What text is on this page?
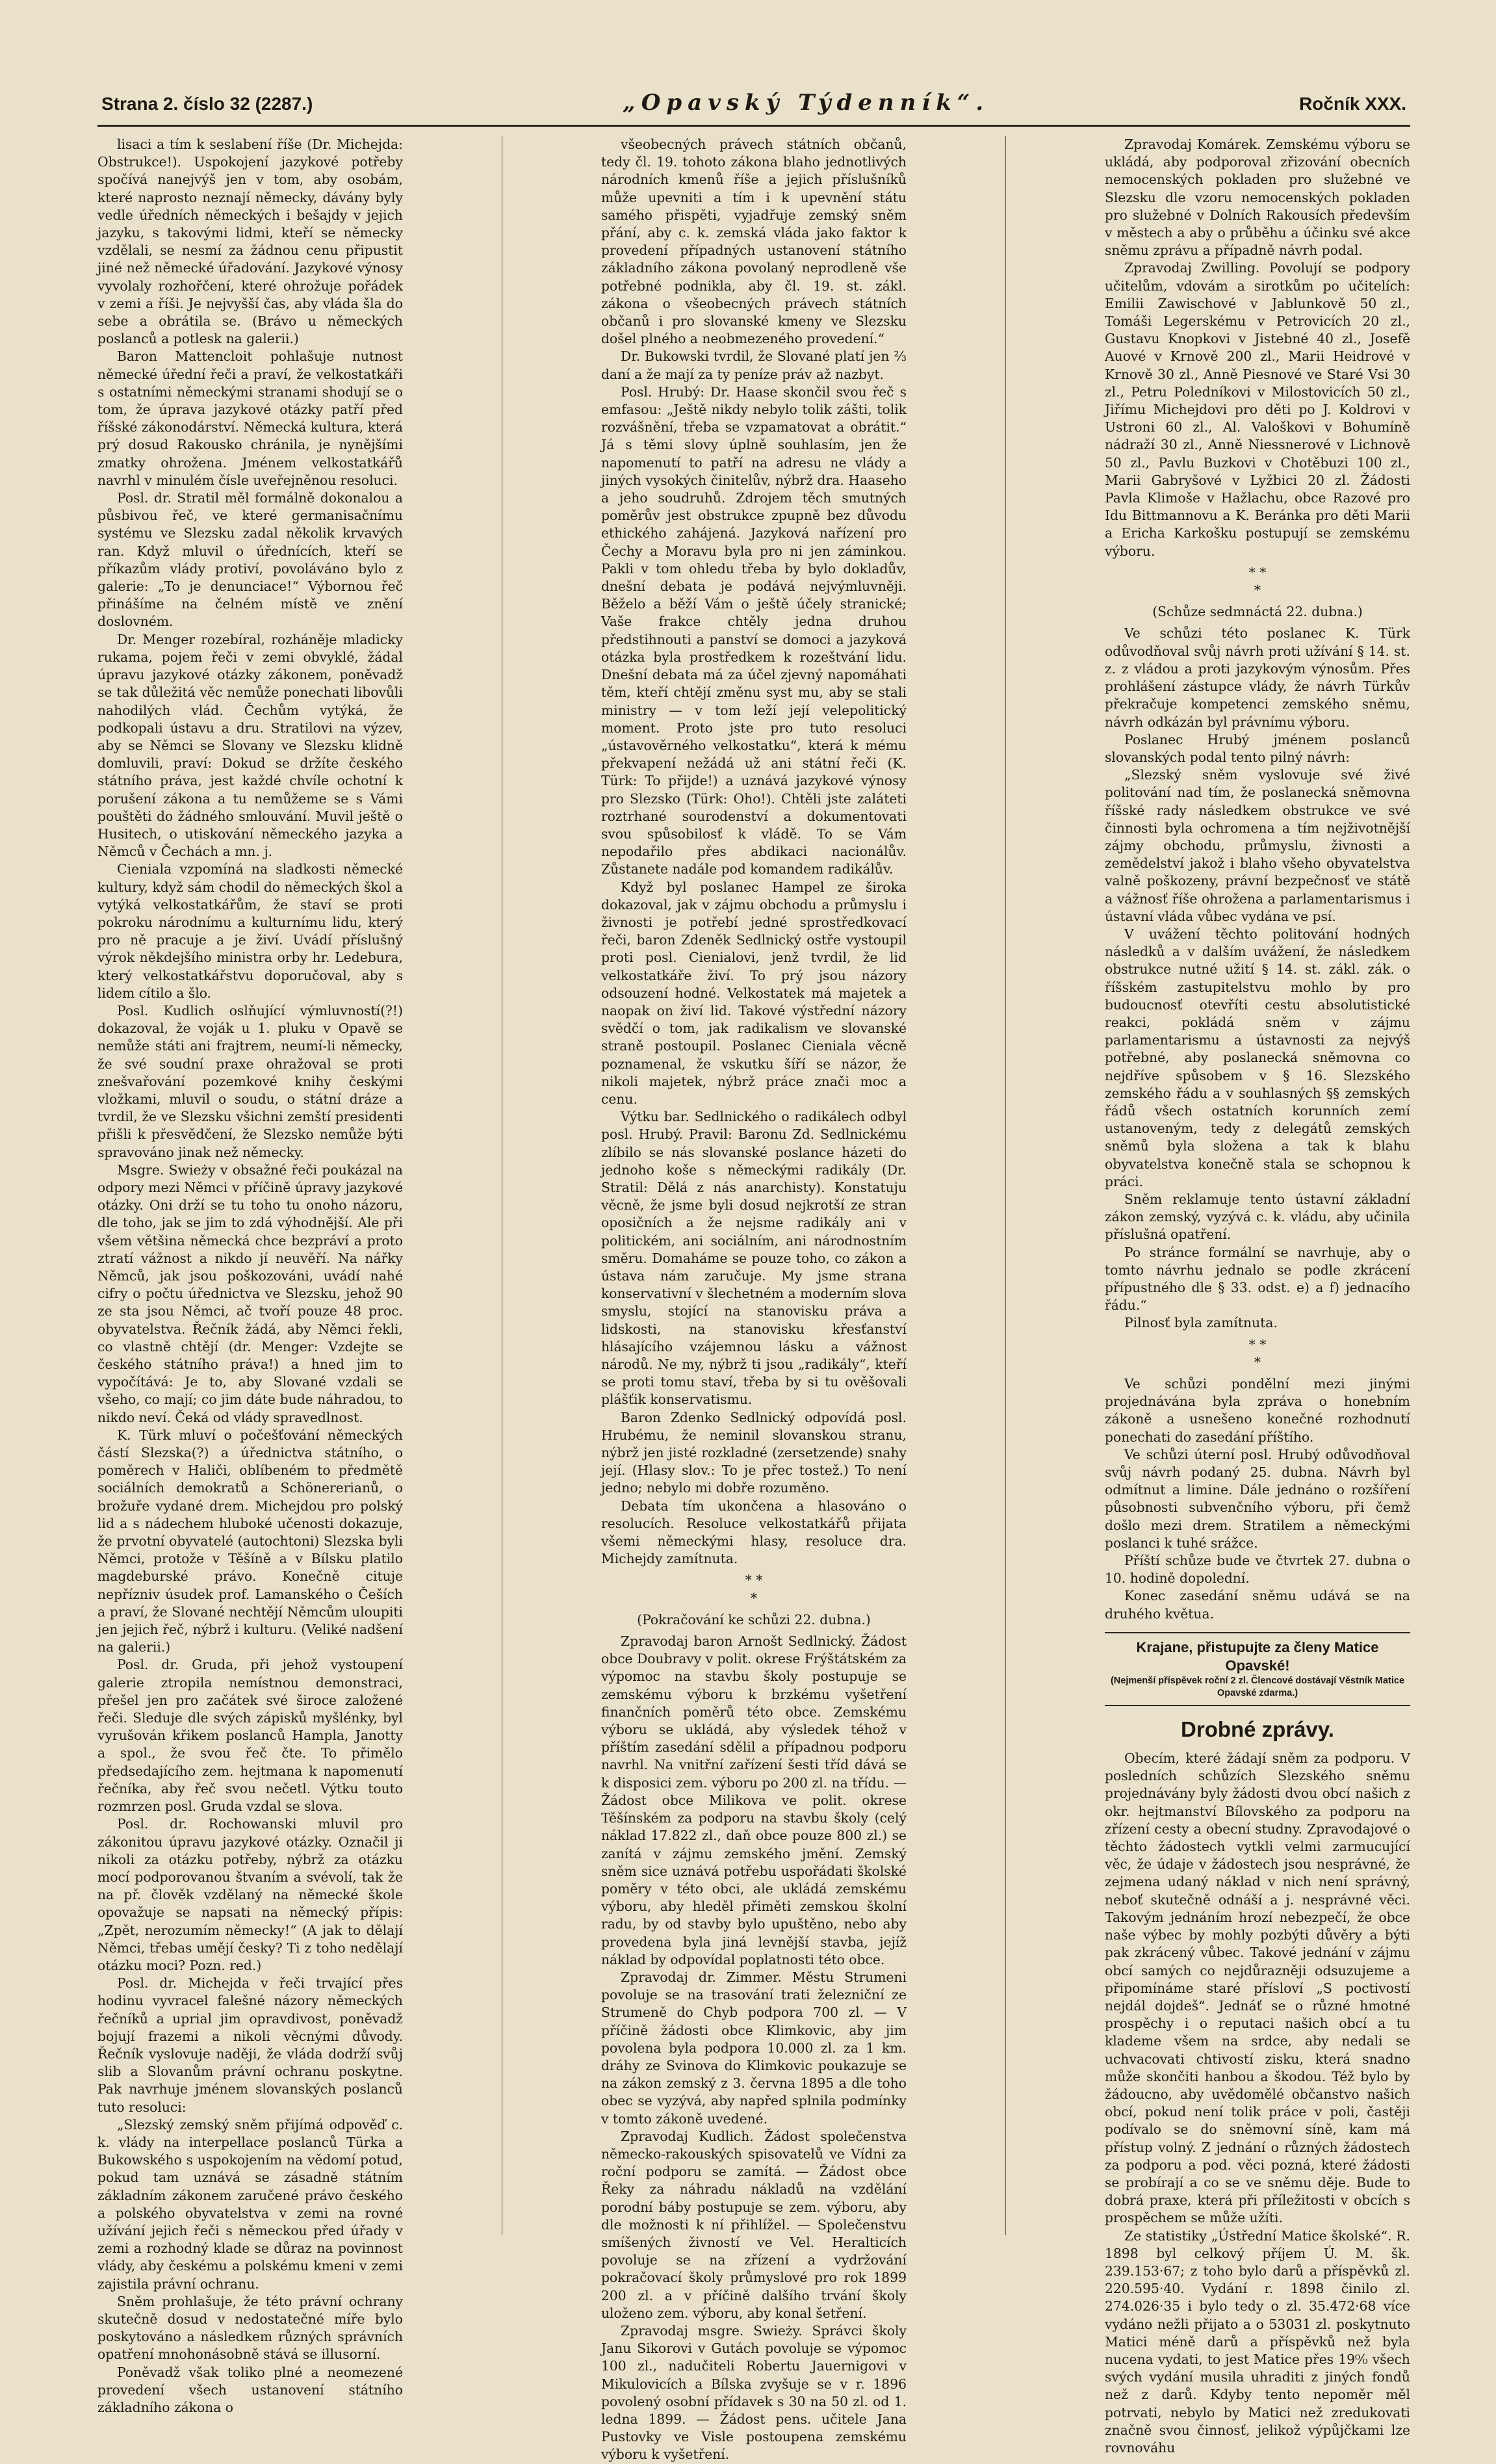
Strana 2. číslo 32 (2287.)	„Opavský Týdenník“.	Ročník XXX.

lisaci a tím k seslabení říše (Dr. Michejda: Obstrukce!). Uspokojení jazykové potřeby spočívá nanejvýš jen v tom, aby osobám, které naprosto neznají německy, dávány byly vedle úředních německých i bešajdy v jejich jazyku, s takovými lidmi, kteří se německy vzdělali, se nesmí za žádnou cenu připustit jiné než německé úřadování. Jazykové výnosy vyvolaly rozhořčení, které ohrožuje pořádek v zemi a říši. Je nejvyšší čas, aby vláda šla do sebe a obrátila se. (Brávo u německých poslanců a potlesk na galerii.)

Baron Mattencloit pohlašuje nutnost německé úřední řeči a praví, že velkostatkáři s ostatními německými stranami shodují se o tom, že úprava jazykové otázky patří před říšské zákonodárství. Německá kultura, která prý dosud Rakousko chránila, je nynějšími zmatky ohrožena. Jménem velkostatkářů navrhl v minulém čísle uveřejněnou resoluci.

Posl. dr. Stratil měl formálně dokonalou a půsbivou řeč, ve které germanisačnímu systému ve Slezsku zadal několik krvavých ran. Když mluvil o úřednících, kteří se příkazům vlády protiví, povoláváno bylo z galerie: „To je denunciace!“ Výbornou řeč přinášíme na čelném místě ve znění doslovném.

Dr. Menger rozebíral, rozháněje mladicky rukama, pojem řeči v zemi obvyklé, žádal úpravu jazykové otázky zákonem, poněvadž se tak důležitá věc nemůže ponechati libovůli nahodilých vlád. Čechům vytýká, že podkopali ústavu a dru. Stratilovi na výzev, aby se Němci se Slovany ve Slezsku klidně domluvili, praví: Dokud se držíte českého státního práva, jest každé chvíle ochotní k porušení zákona a tu nemůžeme se s Vámi pouštěti do žádného smlouvání. Muvil ještě o Husitech, o utiskování německého jazyka a Němců v Čechách a mn. j.

Cieniala vzpomíná na sladkosti německé kultury, když sám chodil do německých škol a vytýká velkostatkářům, že staví se proti pokroku národnímu a kulturnímu lidu, který pro ně pracuje a je živí. Uvádí příslušný výrok někdejšího ministra orby hr. Ledebura, který velkostatkářstvu doporučoval, aby s lidem cítilo a šlo.

Posl. Kudlich oslňující výmluvností(?!) dokazoval, že voják u 1. pluku v Opavě se nemůže státi ani frajtrem, neumí-li německy, že své soudní praxe ohražoval se proti znešvařování pozemkové knihy českými vložkami, mluvil o soudu, o státní dráze a tvrdil, že ve Slezsku všichni zemští presidenti přišli k přesvědčení, že Slezsko nemůže býti spravováno jinak než německy.

Msgre. Swieży v obsažné řeči poukázal na odpory mezi Němci v příčině úpravy jazykové otázky. Oni drží se tu toho tu onoho názoru, dle toho, jak se jim to zdá výhodnější. Ale při všem většina německá chce bezpráví a proto ztratí vážnost a nikdo jí neuvěří. Na nářky Němců, jak jsou poškozováni, uvádí nahé cifry o počtu úřednictva ve Slezsku, jehož 90 ze sta jsou Němci, ač tvoří pouze 48 proc. obyvatelstva. Řečník žádá, aby Němci řekli, co vlastně chtějí (dr. Menger: Vzdejte se českého státního práva!) a hned jim to vypočítává: Je to, aby Slované vzdali se všeho, co mají; co jim dáte bude náhradou, to nikdo neví. Čeká od vlády spravedlnost.

K. Türk mluví o počešťování německých částí Slezska(?) a úřednictva státního, o poměrech v Haliči, oblíbeném to předmětě sociálních demokratů a Schönererianů, o brožuře vydané drem. Michejdou pro polský lid a s nádechem hluboké učenosti dokazuje, že prvotní obyvatelé (autochtoni) Slezska byli Němci, protože v Těšíně a v Bílsku platilo magdeburské právo. Konečně cituje nepřízniv úsudek prof. Lamanského o Češích a praví, že Slované nechtějí Němcům uloupiti jen jejich řeč, nýbrž i kulturu. (Veliké nadšení na galerii.)

Posl. dr. Gruda, při jehož vystoupení galerie ztropila nemístnou demonstraci, přešel jen pro začátek své široce založené řeči. Sleduje dle svých zápisků myšlénky, byl vyrušován křikem poslanců Hampla, Janotty a spol., že svou řeč čte. To přimělo předsedajícího zem. hejtmana k napomenutí řečníka, aby řeč svou nečetl. Výtku touto rozmrzen posl. Gruda vzdal se slova.

Posl. dr. Rochowanski mluvil pro zákonitou úpravu jazykové otázky. Označil ji nikoli za otázku potřeby, nýbrž za otázku mocí podporovanou štvaním a svévolí, tak že na př. člověk vzdělaný na německé škole opovažuje se napsati na německý přípis: „Zpět, nerozumím německy!“ (A jak to dělají Němci, třebas umějí česky? Ti z toho nedělají otázku moci? Pozn. red.)

Posl. dr. Michejda v řeči trvající přes hodinu vyvracel falešné názory německých řečníků a uprial jim opravdivost, poněvadž bojují frazemi a nikoli věcnými důvody. Řečník vyslovuje naději, že vláda dodrží svůj slib a Slovanům právní ochranu poskytne. Pak navrhuje jménem slovanských poslanců tuto resoluci:

„Slezský zemský sněm přijímá odpověď c. k. vlády na interpellace poslanců Türka a Bukowského s uspokojením na vědomí potud, pokud tam uznává se zásadně státním základním zákonem zaručené právo českého a polského obyvatelstva v zemi na rovné užívání jejich řeči s německou před úřady v zemi a rozhodný klade se důraz na povinnost vlády, aby českému a polskému kmeni v zemi zajistila právní ochranu.

Sněm prohlašuje, že této právní ochrany skutečně dosud v nedostatečné míře bylo poskytováno a následkem různých správních opatření mnohonásobně stává se illusorní.

Poněvadž však toliko plné a neomezené provedení všech ustanovení státního základního zákona o

všeobecných právech státních občanů, tedy čl. 19. tohoto zákona blaho jednotlivých národních kmenů říše a jejich příslušníků může upevniti a tím i k upevnění státu samého přispěti, vyjadřuje zemský sněm přání, aby c. k. zemská vláda jako faktor k provedení případných ustanovení státního základního zákona povolaný neprodleně vše potřebné podnikla, aby čl. 19. st. zákl. zákona o všeobecných právech státních občanů i pro slovanské kmeny ve Slezsku došel plného a neobmezeného provedení.“

Dr. Bukowski tvrdil, že Slované platí jen ⅔ daní a že mají za ty peníze práv až nazbyt.

Posl. Hrubý: Dr. Haase skončil svou řeč s emfasou: „Ještě nikdy nebylo tolik zášti, tolik rozvášnění, třeba se vzpamatovat a obrátit.“ Já s těmi slovy úplně souhlasím, jen že napomenutí to patří na adresu ne vlády a jiných vysokých činitelův, nýbrž dra. Haaseho a jeho soudruhů. Zdrojem těch smutných poměrův jest obstrukce zpupně bez důvodu ethického zahájená. Jazyková nařízení pro Čechy a Moravu byla pro ni jen záminkou. Pakli v tom ohledu třeba by bylo dokladův, dnešní debata je podává nejvýmluvněji. Běželo a běží Vám o ještě účely stranické; Vaše frakce chtěly jedna druhou předstihnouti a panství se domoci a jazyková otázka byla prostředkem k rozeštvání lidu. Dnešní debata má za účel zjevný napomáhati těm, kteří chtějí změnu syst mu, aby se stali ministry — v tom leží její velepolitický moment. Proto jste pro tuto resoluci „ústavověrného velkostatku“, která k mému překvapení nežádá už ani státní řeči (K. Türk: To přijde!) a uznává jazykové výnosy pro Slezsko (Türk: Oho!). Chtěli jste zaláteti roztrhané sourodenství a dokumentovati svou spůsobilosť k vládě. To se Vám nepodařilo přes abdikaci nacionálův. Zůstanete nadále pod komandem radikálův.

Když byl poslanec Hampel ze široka dokazoval, jak v zájmu obchodu a průmyslu i živnosti je potřebí jedné sprostředkovací řeči, baron Zdeněk Sedlnický ostře vystoupil proti posl. Cienialovi, jenž tvrdil, že lid velkostatkáře živí. To prý jsou názory odsouzení hodné. Velkostatek má majetek a naopak on živí lid. Takové výstřední názory svědčí o tom, jak radikalism ve slovanské straně postoupil. Poslanec Cieniala věcně poznamenal, že vskutku šíří se názor, že nikoli majetek, nýbrž práce znači moc a cenu.

Výtku bar. Sedlnického o radikálech odbyl posl. Hrubý. Pravil: Baronu Zd. Sedlnickému zlíbilo se nás slovanské poslance házeti do jednoho koše s německými radikály (Dr. Stratil: Dělá z nás anarchisty). Konstatuju věcně, že jsme byli dosud nejkrotší ze stran oposičních a že nejsme radikály ani v politickém, ani sociálním, ani národnostním směru. Domaháme se pouze toho, co zákon a ústava nám zaručuje. My jsme strana konservativní v šlechetném a moderním slova smyslu, stojící na stanovisku práva a lidskosti, na stanovisku křesťanství hlásajícího vzájemnou lásku a vážnost národů. Ne my, nýbrž ti jsou „radikály“, kteří se proti tomu staví, třeba by si tu ověšovali plášťik konservatismu.

Baron Zdenko Sedlnický odpovídá posl. Hrubému, že neminil slovanskou stranu, nýbrž jen jisté rozkladné (zersetzende) snahy její. (Hlasy slov.: To je přec tostež.) To není jedno; nebylo mi dobře rozuměno.

Debata tím ukončena a hlasováno o resolucích. Resoluce velkostatkářů přijata všemi německými hlasy, resoluce dra. Michejdy zamítnuta.

* *
*

(Pokračování ke schůzi 22. dubna.)

Zpravodaj baron Arnošt Sedlnický. Žádost obce Doubravy v polit. okrese Frýštátském za výpomoc na stavbu školy postupuje se zemskému výboru k brzkému vyšetření finančních poměrů této obce. Zemskému výboru se ukládá, aby výsledek téhož v příštím zasedání sdělil a případnou podporu navrhl. Na vnitřní zařízení šesti tříd dává se k disposici zem. výboru po 200 zl. na třídu. — Žádost obce Milikova ve polit. okrese Těšínském za podporu na stavbu školy (celý náklad 17.822 zl., daň obce pouze 800 zl.) se zanítá v zájmu zemského jmění. Zemský sněm sice uznává potřebu uspořádati školské poměry v této obci, ale ukládá zemskému výboru, aby hleděl přiměti zemskou školní radu, by od stavby bylo upuštěno, nebo aby provedena byla jiná levnější stavba, jejíž náklad by odpovídal poplatnosti této obce.

Zpravodaj dr. Zimmer. Městu Strumeni povoluje se na trasování trati železniční ze Strumeně do Chyb podpora 700 zl. — V příčině žádosti obce Klimkovic, aby jim povolena byla podpora 10.000 zl. za 1 km. dráhy ze Svinova do Klimkovic poukazuje se na zákon zemský z 3. června 1895 a dle toho obec se vyzývá, aby napřed splnila podmínky v tomto zákoně uvedené.

Zpravodaj Kudlich. Žádost společenstva německo-rakouských spisovatelů ve Vídni za roční podporu se zamítá. — Žádost obce Řeky za náhradu nákladů na vzdělání porodní báby postupuje se zem. výboru, aby dle možnosti k ní přihlížel. — Společenstvu smíšených živností ve Vel. Heralticích povoluje se na zřízení a vydržování pokračovací školy průmyslové pro rok 1899 200 zl. a v příčině dalšího trvání školy uloženo zem. výboru, aby konal šetření.

Zpravodaj msgre. Swieży. Správci školy Janu Sikorovi v Gutách povoluje se výpomoc 100 zl., nadučiteli Robertu Jauernigovi v Mikulovicích a Bílska zvyšuje se v r. 1896 povolený osobní přídavek s 30 na 50 zl. od 1. ledna 1899. — Žádost pens. učitele Jana Pustovky ve Visle postoupena zemskému výboru k vyšetření.

Zpravodaj Komárek. Zemskému výboru se ukládá, aby podporoval zřizování obecních nemocenských pokladen pro služebné ve Slezsku dle vzoru nemocenských pokladen pro služebné v Dolních Rakousích především v městech a aby o průběhu a účinku své akce sněmu zprávu a případně návrh podal.

Zpravodaj Zwilling. Povolují se podpory učitelům, vdovám a sirotkům po učitelích: Emilii Zawischové v Jablunkově 50 zl., Tomáši Legerskému v Petrovicích 20 zl., Gustavu Knopkovi v Jistebné 40 zl., Josefě Auové v Krnově 200 zl., Marii Heidrové v Krnově 30 zl., Anně Piesnové ve Staré Vsi 30 zl., Petru Poledníkovi v Milostovicích 50 zl., Jiřímu Michejdovi pro děti po J. Koldrovi v Ustroni 60 zl., Al. Valoškovi v Bohumíně nádraží 30 zl., Anně Niessnerové v Lichnově 50 zl., Pavlu Buzkovi v Chotěbuzi 100 zl., Marii Gabryšové v Lyžbici 20 zl. Žádosti Pavla Klimoše v Hažlachu, obce Razové pro Idu Bittmannovu a K. Beránka pro děti Marii a Ericha Karkošku postupují se zemskému výboru.

* *
*

(Schůze sedmnáctá 22. dubna.)

Ve schůzi této poslanec K. Türk odůvodňoval svůj návrh proti užívání § 14. st. z. z vládou a proti jazykovým výnosům. Přes prohlášení zástupce vlády, že návrh Türkův překračuje kompetenci zemského sněmu, návrh odkázán byl právnímu výboru.

Poslanec Hrubý jménem poslanců slovanských podal tento pilný návrh:

„Slezský sněm vyslovuje své živé politování nad tím, že poslanecká sněmovna říšské rady následkem obstrukce ve své činnosti byla ochromena a tím nejživotnější zájmy obchodu, průmyslu, živnosti a zemědelství jakož i blaho všeho obyvatelstva valně poškozeny, právní bezpečnosť ve státě a vážnosť říše ohrožena a parlamentarismus i ústavní vláda vůbec vydána ve psí.

V uvážení těchto politování hodných následků a v dalším uvážení, že následkem obstrukce nutné užití § 14. st. zákl. zák. o říšském zastupitelstvu mohlo by pro budoucnosť otevříti cestu absolutistické reakci, pokládá sněm v zájmu parlamentarismu a ústavnosti za nejvýš potřebné, aby poslanecká sněmovna co nejdříve spůsobem v § 16. Slezského zemského řádu a v souhlasných §§ zemských řádů všech ostatních korunních zemí ustanoveným, tedy z delegátů zemských sněmů byla složena a tak k blahu obyvatelstva konečně stala se schopnou k práci.

Sněm reklamuje tento ústavní základní zákon zemský, vyzývá c. k. vládu, aby učinila příslušná opatření.

Po stránce formální se navrhuje, aby o tomto návrhu jednalo se podle zkrácení přípustného dle § 33. odst. e) a f) jednacího řádu.“

Pilnosť byla zamítnuta.

* *
*

Ve schůzi pondělní mezi jinými projednávána byla zpráva o honebním zákoně a usnešeno konečné rozhodnutí ponechati do zasedání příštího.

Ve schůzi úterní posl. Hrubý odůvodňoval svůj návrh podaný 25. dubna. Návrh byl odmítnut a limine. Dále jednáno o rozšíření působnosti subvenčního výboru, při čemž došlo mezi drem. Stratilem a německými poslanci k tuhé srážce.

Příští schůze bude ve čtvrtek 27. dubna o 10. hodině dopolední.

Konec zasedání sněmu udává se na druhého květua.

Krajane, přistupujte za členy Matice Opavské!
(Nejmenší příspěvek roční 2 zl. Člencové dostávají Věstník Matice Opavské zdarma.)
Drobné zprávy.

Obecím, které žádají sněm za podporu. V posledních schůzích Slezského sněmu projednávány byly žádosti dvou obcí našich z okr. hejtmanství Bílovského za podporu na zřízení cesty a obecní studny. Zpravodajové o těchto žádostech vytkli velmi zarmucující věc, že údaje v žádostech jsou nesprávné, že zejmena udaný náklad v nich není správný, neboť skutečně odnáší a j. nesprávné věci. Takovým jednáním hrozí nebezpečí, že obce naše výbec by mohly pozbýti důvěry a býti pak zkrácený vůbec. Takové jednání v zájmu obcí samých co nejdůrazněji odsuzujeme a připomínáme staré přísloví „S poctivostí nejdál dojdeš“. Jednáť se o různé hmotné prospěchy i o reputaci našich obcí a tu klademe všem na srdce, aby nedali se uchvacovati chtivostí zisku, která snadno může skončiti hanbou a škodou. Též bylo by žádoucno, aby uvědomělé občanstvo našich obcí, pokud není tolik práce v poli, častěji podívalo se do sněmovní síně, kam má přístup volný. Z jednání o různých žádostech za podporu a pod. věci pozná, které žádosti se probírají a co se ve sněmu děje. Bude to dobrá praxe, která při příležitosti v obcích s prospěchem se může užíti.

Ze statistiky „Ústřední Matice školské“. R. 1898 byl celkový příjem Ú. M. šk. 239.153·67; z toho bylo darů a příspěvků zl. 220.595·40. Vydání r. 1898 činilo zl. 274.026·35 i bylo tedy o zl. 35.472·68 více vydáno nežli přijato a o 53031 zl. poskytnuto Matici méně darů a příspěvků než byla nucena vydati, to jest Matice přes 19⁰⁄₀ všech svých vydání musila uhraditi z jiných fondů než z darů. Kdyby tento nepoměr měl potrvati, nebylo by Matici než zredukovati značně svou činnosť, jelikož výpůjčkami lze rovnováhu
